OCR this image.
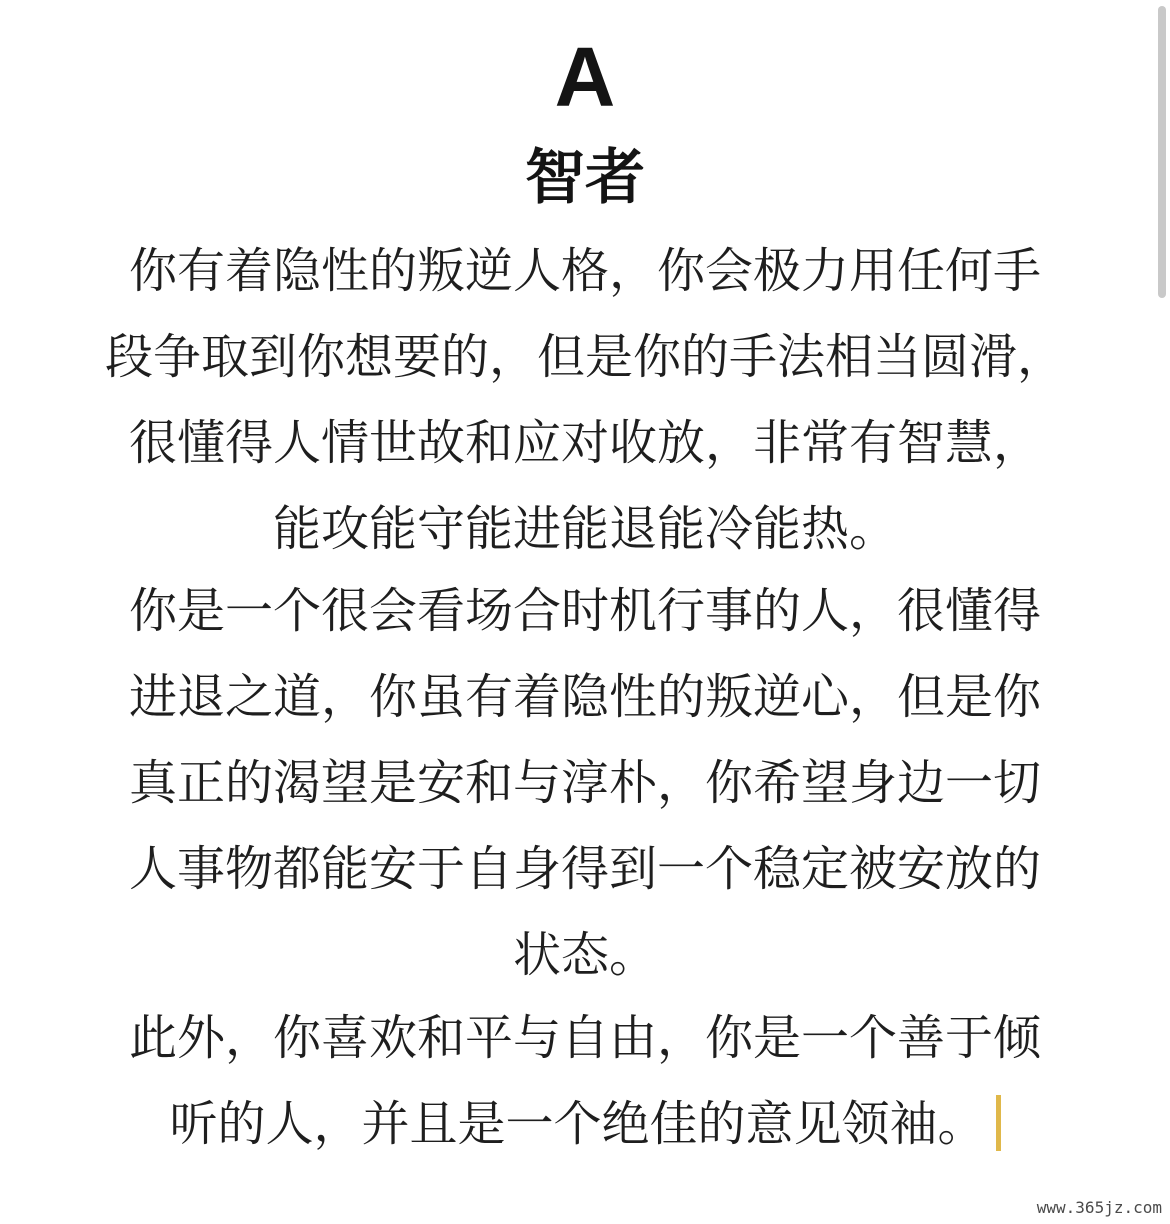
A
智者
你有着隐性的叛逆人格，你会极力用任何手
段争取到你想要的，但是你的手法相当圆滑，
很懂得人情世故和应对收放，非常有智慧，
能攻能守能进能退能冷能热。
你是一个很会看场合时机行事的人，很懂得
进退之道，你虽有着隐性的叛逆心，但是你
真正的渴望是安和与淳朴，你希望身边一切
人事物都能安于自身得到一个稳定被安放的
状态。
此外，你喜欢和平与自由，你是一个善于倾
听的人，并且是一个绝佳的意见领袖。
www.365jz.com
